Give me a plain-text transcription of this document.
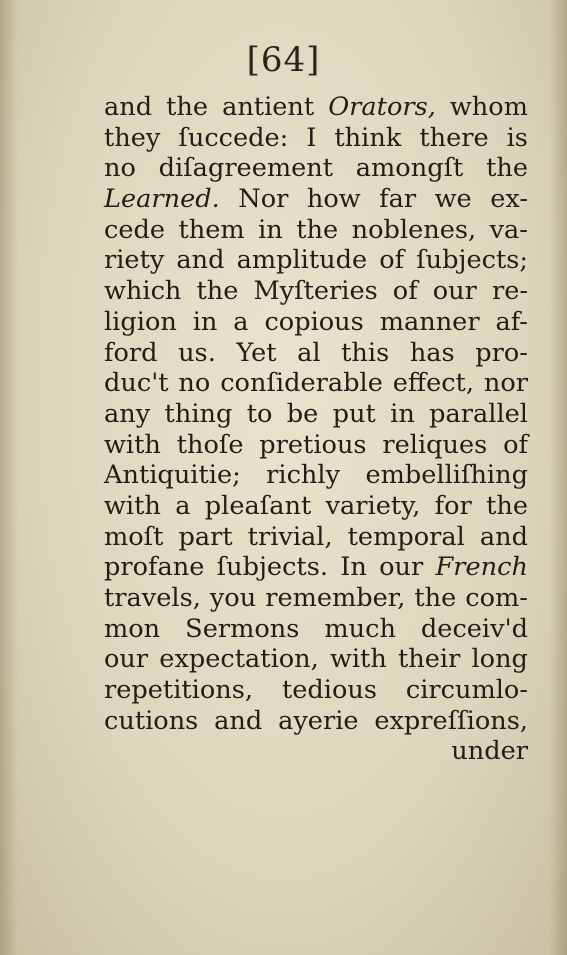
[64]
and the antient Orators, whom
they ſuccede: I think there is
no diſagreement amongſt the
Learned. Nor how far we ex-
cede them in the noblenes, va-
riety and amplitude of ſubjects;
which the Myſteries of our re-
ligion in a copious manner af-
ford us. Yet al this has pro-
duc't no conſiderable effect, nor
any thing to be put in parallel
with thoſe pretious reliques of
Antiquitie; richly embelliſhing
with a pleaſant variety, for the
moſt part trivial, temporal and
profane ſubjects. In our French
travels, you remember, the com-
mon Sermons much deceiv'd
our expectation, with their long
repetitions, tedious circumlo-
cutions and ayerie expreſſions,
under
